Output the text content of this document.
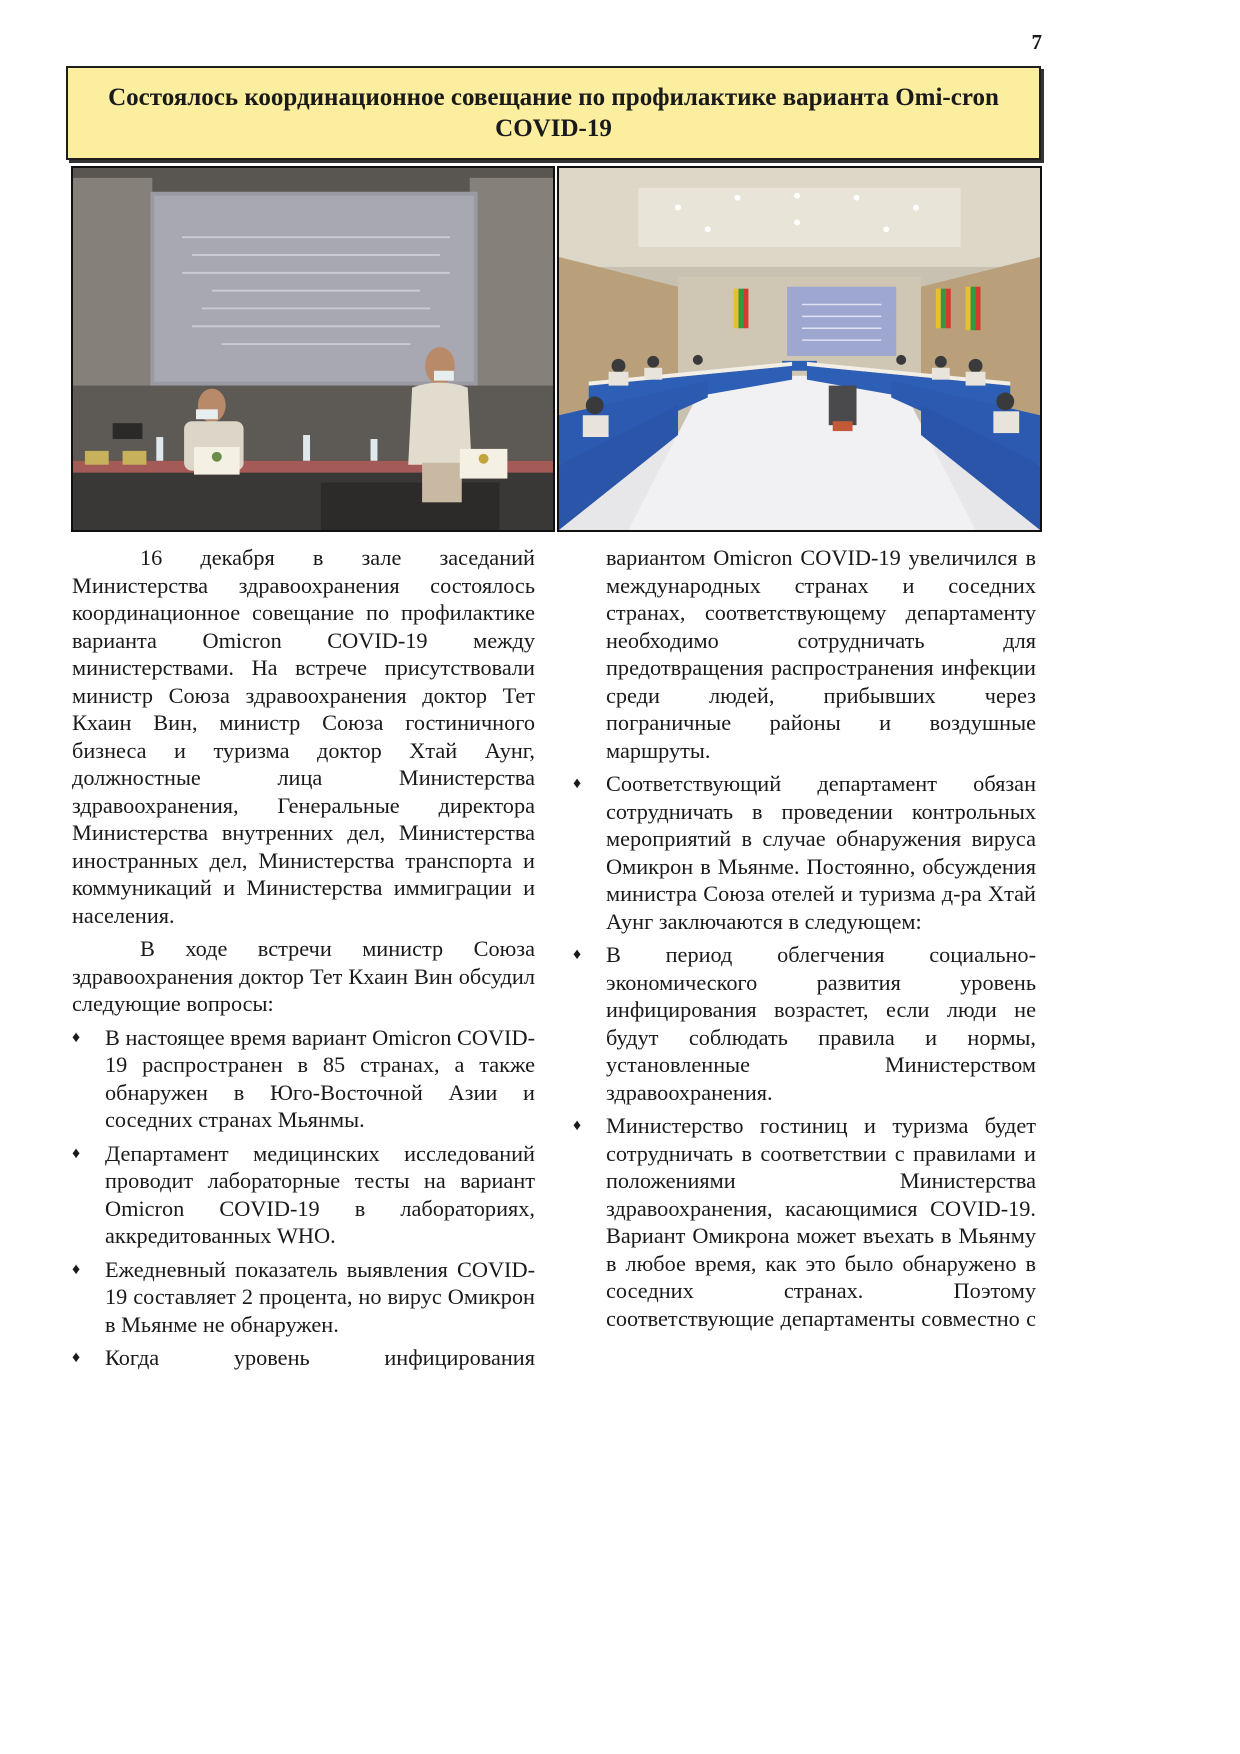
7
Состоялось координационное совещание по профилактике варианта Omi-cron COVID-19

16 декабря в зале заседаний Министерства здравоохранения состоялось координационное совещание по профилактике варианта Omicron COVID-19 между министерствами. На встрече присутствовали министр Союза здравоохранения доктор Тет Кхаин Вин, министр Союза гостиничного бизнеса и туризма доктор Хтай Аунг, должностные лица Министерства здравоохранения, Генеральные директора Министерства внутренних дел, Министерства иностранных дел, Министерства транспорта и коммуникаций и Министерства иммиграции и населения.

В ходе встречи министр Союза здравоохранения доктор Тет Кхаин Вин обсудил следующие вопросы:

♦ В настоящее время вариант Omicron COVID-19 распространен в 85 странах, а также обнаружен в Юго-Восточной Азии и соседних странах Мьянмы.
♦ Департамент медицинских исследований проводит лабораторные тесты на вариант Omicron COVID-19 в лабораториях, аккредитованных WHO.
♦ Ежедневный показатель выявления COVID-19 составляет 2 процента, но вирус Омикрон в Мьянме не обнаружен.
♦ Когда уровень инфицирования

вариантом Omicron COVID-19 увеличился в международных странах и соседних странах, соответствующему департаменту необходимо сотрудничать для предотвращения распространения инфекции среди людей, прибывших через пограничные районы и воздушные маршруты.

♦ Соответствующий департамент обязан сотрудничать в проведении контрольных мероприятий в случае обнаружения вируса Омикрон в Мьянме. Постоянно, обсуждения министра Союза отелей и туризма д-ра Хтай Аунг заключаются в следующем:
♦ В период облегчения социально-экономического развития уровень инфицирования возрастет, если люди не будут соблюдать правила и нормы, установленные Министерством здравоохранения.
♦ Министерство гостиниц и туризма будет сотрудничать в соответствии с правилами и положениями Министерства здравоохранения, касающимися COVID-19. Вариант Омикрона может въехать в Мьянму в любое время, как это было обнаружено в соседних странах. Поэтому соответствующие департаменты совместно с
